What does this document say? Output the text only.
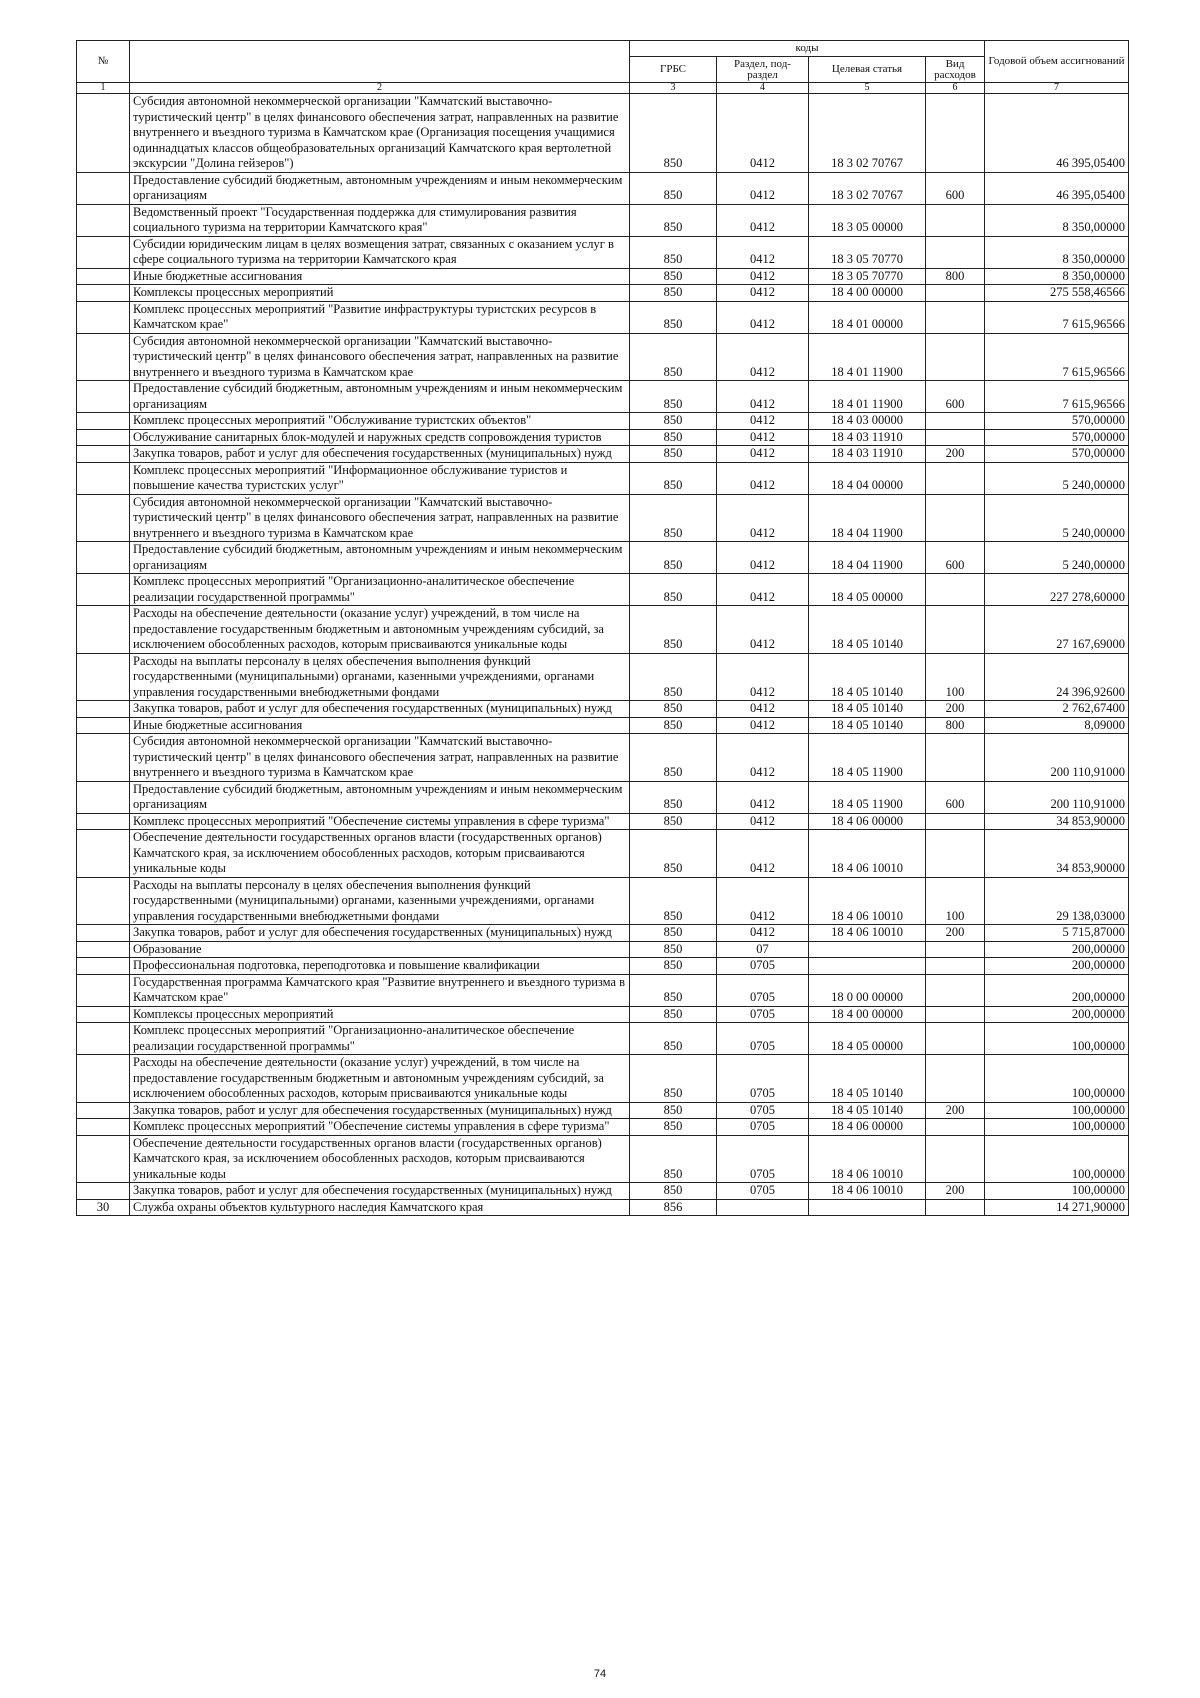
№		коды				Годовой объем ассигнований
		ГРБС	Раздел, под-раздел	Целевая статья	Вид расходов	
1	2	3	4	5	6	7
	Субсидия автономной некоммерческой организации "Камчатский выставочно-туристический центр" в целях финансового обеспечения затрат, направленных на развитие внутреннего и въездного туризма в Камчатском крае (Организация посещения учащимися одиннадцатых классов общеобразовательных организаций Камчатского края вертолетной экскурсии "Долина гейзеров")	850	0412	18 3 02 70767		46 395,05400
	Предоставление субсидий бюджетным, автономным учреждениям и иным некоммерческим организациям	850	0412	18 3 02 70767	600	46 395,05400
	Ведомственный проект "Государственная поддержка для стимулирования развития социального туризма на территории Камчатского края"	850	0412	18 3 05 00000		8 350,00000
	Субсидии юридическим лицам в целях возмещения затрат, связанных с оказанием услуг в сфере социального туризма на территории Камчатского края	850	0412	18 3 05 70770		8 350,00000
	Иные бюджетные ассигнования	850	0412	18 3 05 70770	800	8 350,00000
	Комплексы процессных мероприятий	850	0412	18 4 00 00000		275 558,46566
	Комплекс процессных мероприятий "Развитие инфраструктуры туристских ресурсов в Камчатском крае"	850	0412	18 4 01 00000		7 615,96566
	Субсидия автономной некоммерческой организации "Камчатский выставочно-туристический центр" в целях финансового обеспечения затрат, направленных на развитие внутреннего и въездного туризма в Камчатском крае	850	0412	18 4 01 11900		7 615,96566
	Предоставление субсидий бюджетным, автономным учреждениям и иным некоммерческим организациям	850	0412	18 4 01 11900	600	7 615,96566
	Комплекс процессных мероприятий "Обслуживание туристских объектов"	850	0412	18 4 03 00000		570,00000
	Обслуживание санитарных блок-модулей и наружных средств сопровождения туристов	850	0412	18 4 03 11910		570,00000
	Закупка товаров, работ и услуг для обеспечения государственных (муниципальных) нужд	850	0412	18 4 03 11910	200	570,00000
	Комплекс процессных мероприятий "Информационное обслуживание туристов и повышение качества туристских услуг"	850	0412	18 4 04 00000		5 240,00000
	Субсидия автономной некоммерческой организации "Камчатский выставочно-туристический центр" в целях финансового обеспечения затрат, направленных на развитие внутреннего и въездного туризма в Камчатском крае	850	0412	18 4 04 11900		5 240,00000
	Предоставление субсидий бюджетным, автономным учреждениям и иным некоммерческим организациям	850	0412	18 4 04 11900	600	5 240,00000
	Комплекс процессных мероприятий "Организационно-аналитическое обеспечение реализации государственной программы"	850	0412	18 4 05 00000		227 278,60000
	Расходы на обеспечение деятельности (оказание услуг) учреждений, в том числе на предоставление государственным бюджетным и автономным учреждениям субсидий, за исключением обособленных расходов, которым присваиваются уникальные коды	850	0412	18 4 05 10140		27 167,69000
	Расходы на выплаты персоналу в целях обеспечения выполнения функций государственными (муниципальными) органами, казенными учреждениями, органами управления государственными внебюджетными фондами	850	0412	18 4 05 10140	100	24 396,92600
	Закупка товаров, работ и услуг для обеспечения государственных (муниципальных) нужд	850	0412	18 4 05 10140	200	2 762,67400
	Иные бюджетные ассигнования	850	0412	18 4 05 10140	800	8,09000
	Субсидия автономной некоммерческой организации "Камчатский выставочно-туристический центр" в целях финансового обеспечения затрат, направленных на развитие внутреннего и въездного туризма в Камчатском крае	850	0412	18 4 05 11900		200 110,91000
	Предоставление субсидий бюджетным, автономным учреждениям и иным некоммерческим организациям	850	0412	18 4 05 11900	600	200 110,91000
	Комплекс процессных мероприятий "Обеспечение системы управления в сфере туризма"	850	0412	18 4 06 00000		34 853,90000
	Обеспечение деятельности государственных органов власти (государственных органов) Камчатского края, за исключением обособленных расходов, которым присваиваются уникальные коды	850	0412	18 4 06 10010		34 853,90000
	Расходы на выплаты персоналу в целях обеспечения выполнения функций государственными (муниципальными) органами, казенными учреждениями, органами управления государственными внебюджетными фондами	850	0412	18 4 06 10010	100	29 138,03000
	Закупка товаров, работ и услуг для обеспечения государственных (муниципальных) нужд	850	0412	18 4 06 10010	200	5 715,87000
	Образование	850	07			200,00000
	Профессиональная подготовка, переподготовка и повышение квалификации	850	0705			200,00000
	Государственная программа Камчатского края "Развитие внутреннего и въездного туризма в Камчатском крае"	850	0705	18 0 00 00000		200,00000
	Комплексы процессных мероприятий	850	0705	18 4 00 00000		200,00000
	Комплекс процессных мероприятий "Организационно-аналитическое обеспечение реализации государственной программы"	850	0705	18 4 05 00000		100,00000
	Расходы на обеспечение деятельности (оказание услуг) учреждений, в том числе на предоставление государственным бюджетным и автономным учреждениям субсидий, за исключением обособленных расходов, которым присваиваются уникальные коды	850	0705	18 4 05 10140		100,00000
	Закупка товаров, работ и услуг для обеспечения государственных (муниципальных) нужд	850	0705	18 4 05 10140	200	100,00000
	Комплекс процессных мероприятий "Обеспечение системы управления в сфере туризма"	850	0705	18 4 06 00000		100,00000
	Обеспечение деятельности государственных органов власти (государственных органов) Камчатского края, за исключением обособленных расходов, которым присваиваются уникальные коды	850	0705	18 4 06 10010		100,00000
	Закупка товаров, работ и услуг для обеспечения государственных (муниципальных) нужд	850	0705	18 4 06 10010	200	100,00000
30	Служба охраны объектов культурного наследия Камчатского края	856				14 271,90000
74
